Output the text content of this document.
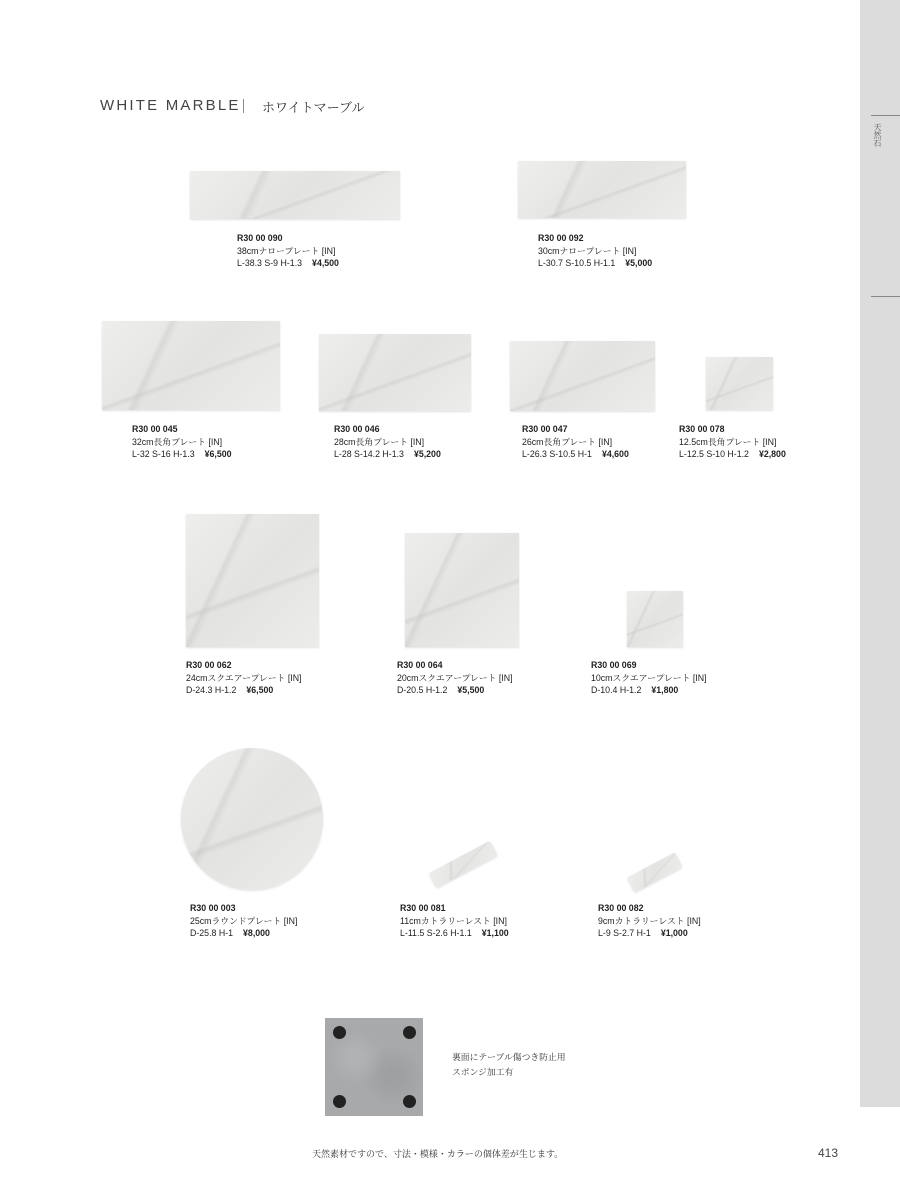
WHITE MARBLE ホワイトマーブル
天然石
R30 00 090
38cmナロープレート [IN]
L-38.3 S-9 H-1.3 ¥4,500
R30 00 092
30cmナロープレート [IN]
L-30.7 S-10.5 H-1.1 ¥5,000
R30 00 045
32cm長角プレート [IN]
L-32 S-16 H-1.3 ¥6,500
R30 00 046
28cm長角プレート [IN]
L-28 S-14.2 H-1.3 ¥5,200
R30 00 047
26cm長角プレート [IN]
L-26.3 S-10.5 H-1 ¥4,600
R30 00 078
12.5cm長角プレート [IN]
L-12.5 S-10 H-1.2 ¥2,800
R30 00 062
24cmスクエアープレート [IN]
D-24.3 H-1.2 ¥6,500
R30 00 064
20cmスクエアープレート [IN]
D-20.5 H-1.2 ¥5,500
R30 00 069
10cmスクエアープレート [IN]
D-10.4 H-1.2 ¥1,800
R30 00 003
25cmラウンドプレート [IN]
D-25.8 H-1 ¥8,000
R30 00 081
11cmカトラリーレスト [IN]
L-11.5 S-2.6 H-1.1 ¥1,100
R30 00 082
9cmカトラリーレスト [IN]
L-9 S-2.7 H-1 ¥1,000
裏面にテーブル傷つき防止用
スポンジ加工有
天然素材ですので、寸法・模様・カラーの個体差が生じます。	413
